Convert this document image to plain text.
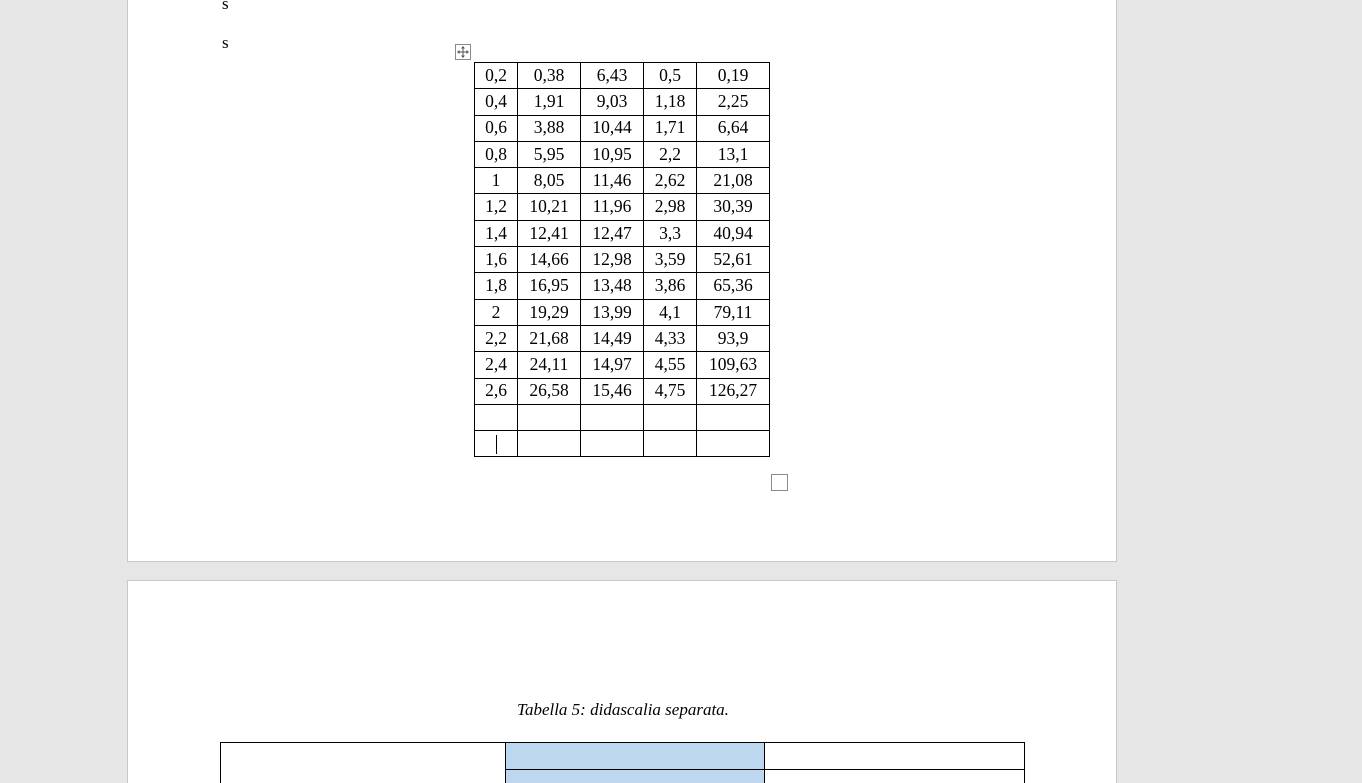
s
s
0,2	0,38	6,43	0,5	0,19
0,4	1,91	9,03	1,18	2,25
0,6	3,88	10,44	1,71	6,64
0,8	5,95	10,95	2,2	13,1
1	8,05	11,46	2,62	21,08
1,2	10,21	11,96	2,98	30,39
1,4	12,41	12,47	3,3	40,94
1,6	14,66	12,98	3,59	52,61
1,8	16,95	13,48	3,86	65,36
2	19,29	13,99	4,1	79,11
2,2	21,68	14,49	4,33	93,9
2,4	24,11	14,97	4,55	109,63
2,6	26,58	15,46	4,75	126,27

Tabella 5: didascalia separata.
